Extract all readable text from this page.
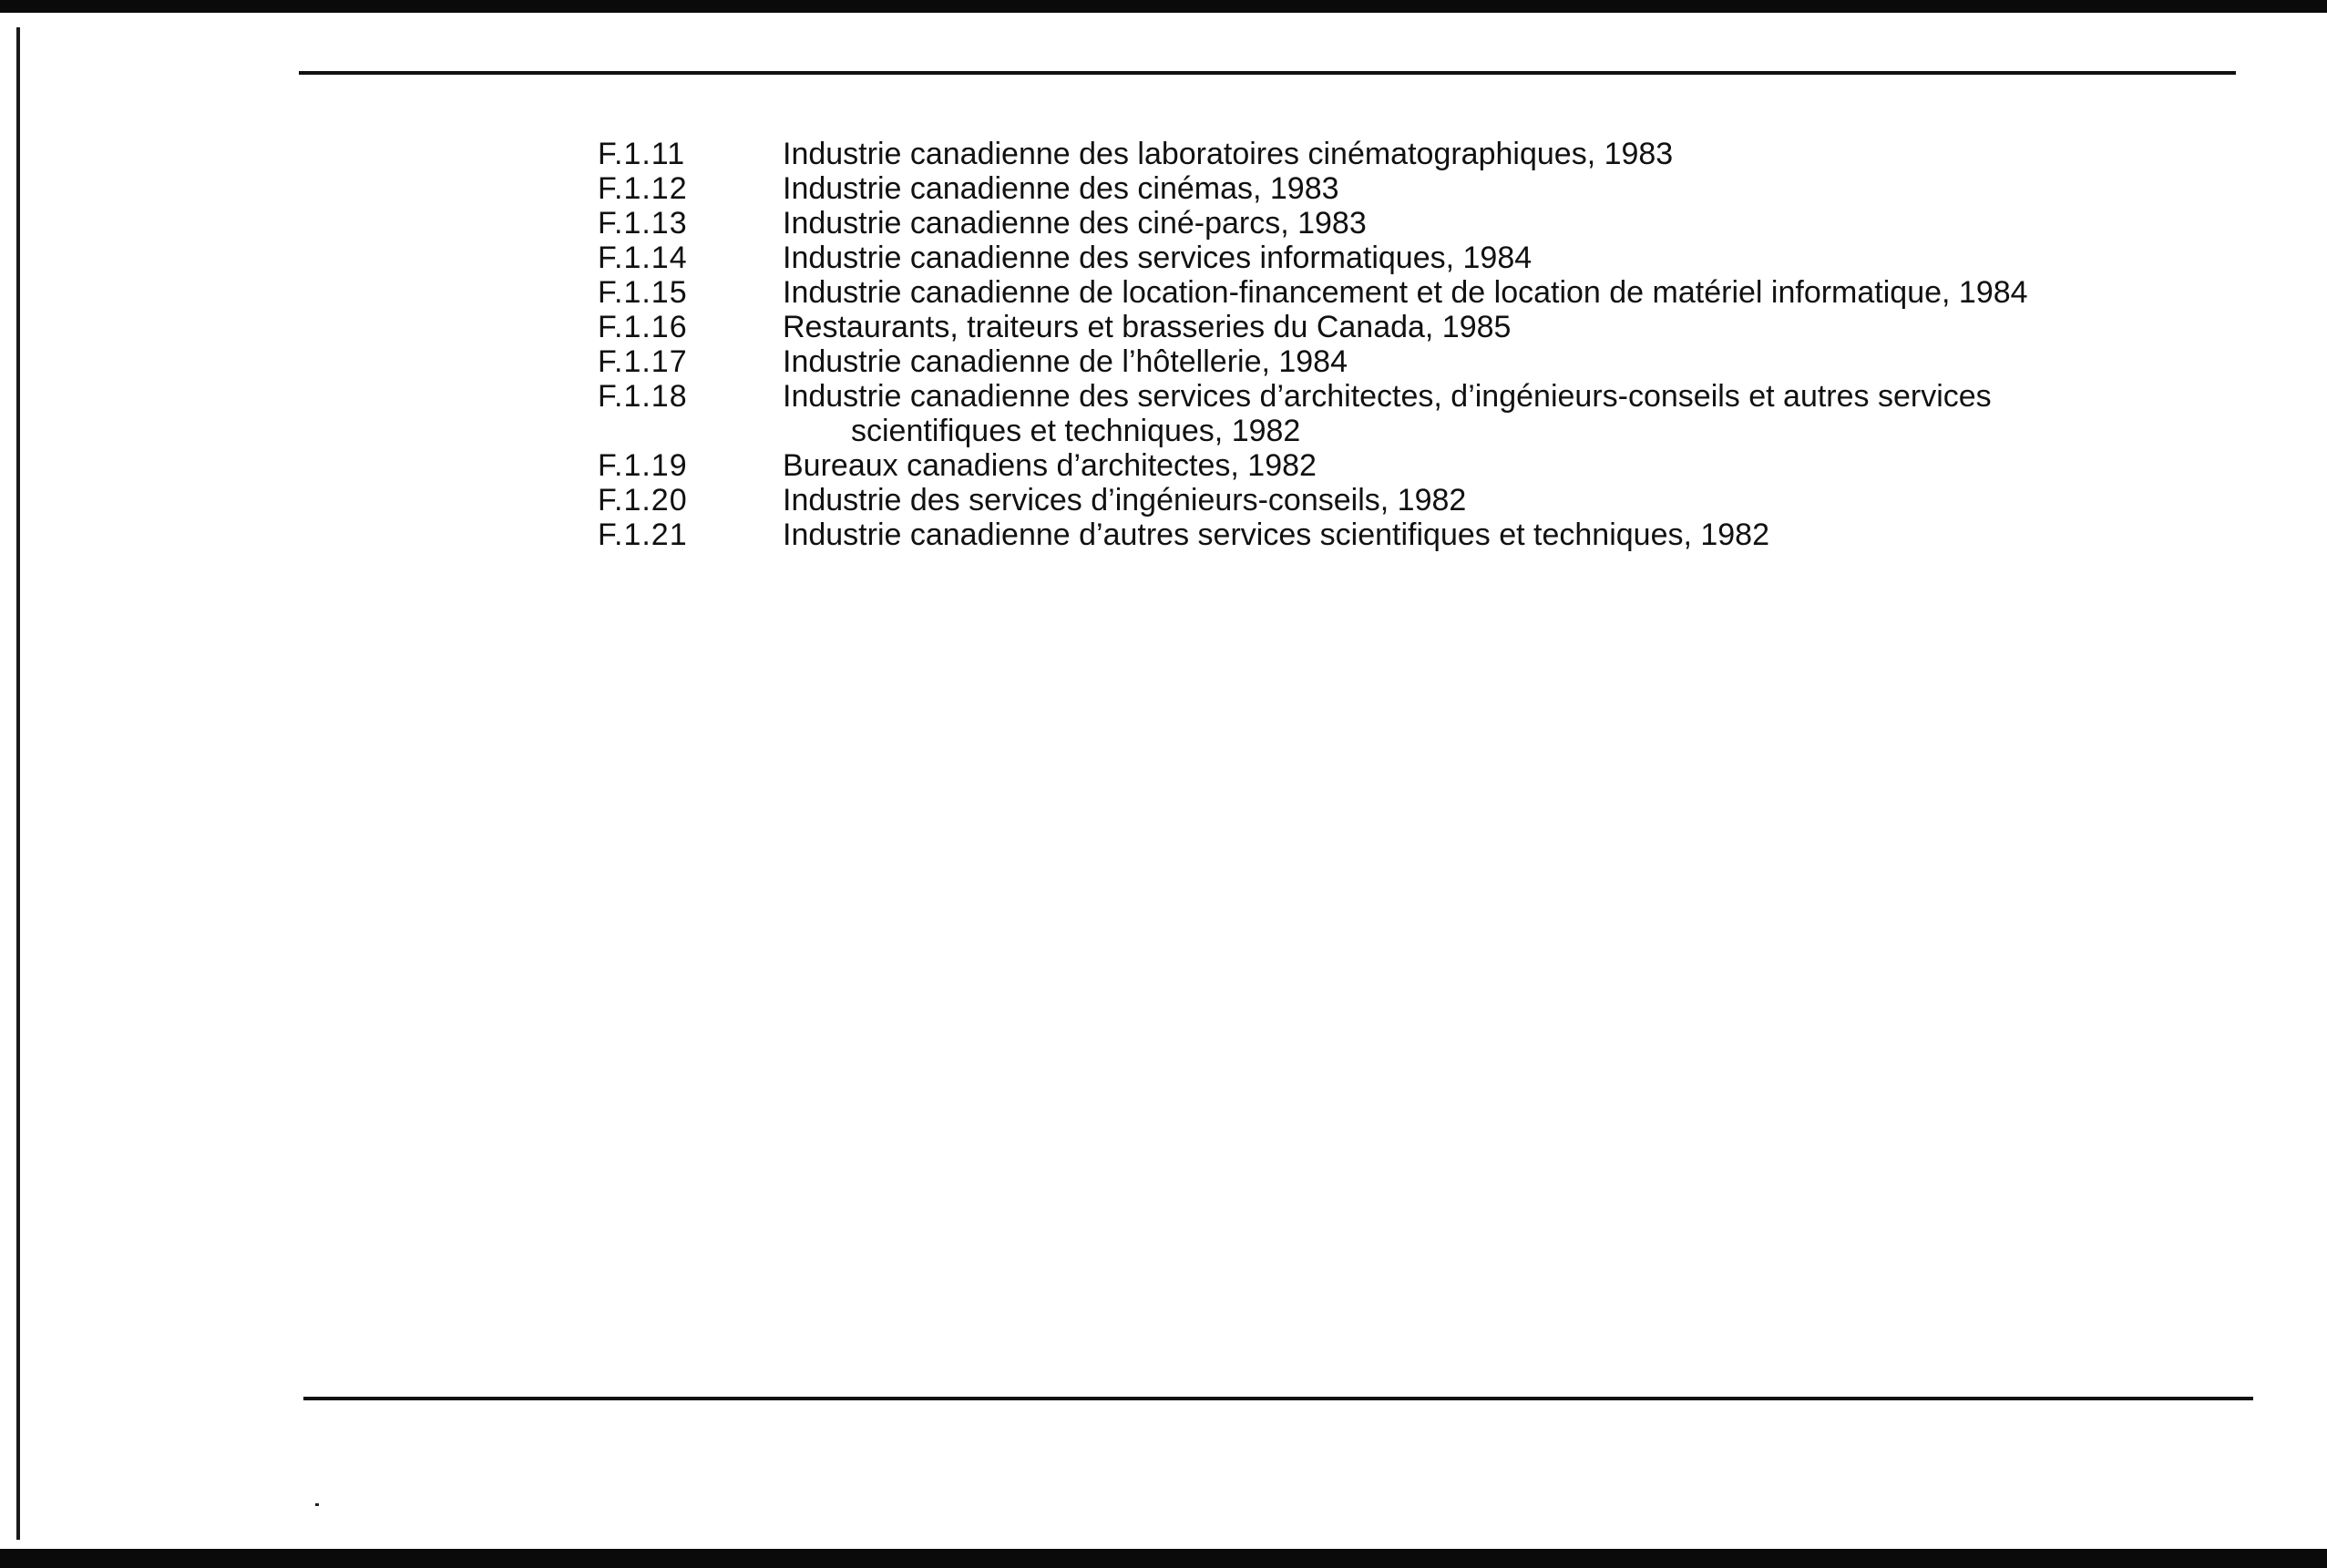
F.1.11	Industrie canadienne des laboratoires cinématographiques, 1983
F.1.12	Industrie canadienne des cinémas, 1983
F.1.13	Industrie canadienne des ciné-parcs, 1983
F.1.14	Industrie canadienne des services informatiques, 1984
F.1.15	Industrie canadienne de location-financement et de location de matériel informatique, 1984
F.1.16	Restaurants, traiteurs et brasseries du Canada, 1985
F.1.17	Industrie canadienne de l’hôtellerie, 1984
F.1.18	Industrie canadienne des services d’architectes, d’ingénieurs-conseils et autres services
scientifiques et techniques, 1982
F.1.19	Bureaux canadiens d’architectes, 1982
F.1.20	Industrie des services d’ingénieurs-conseils, 1982
F.1.21	Industrie canadienne d’autres services scientifiques et techniques, 1982
